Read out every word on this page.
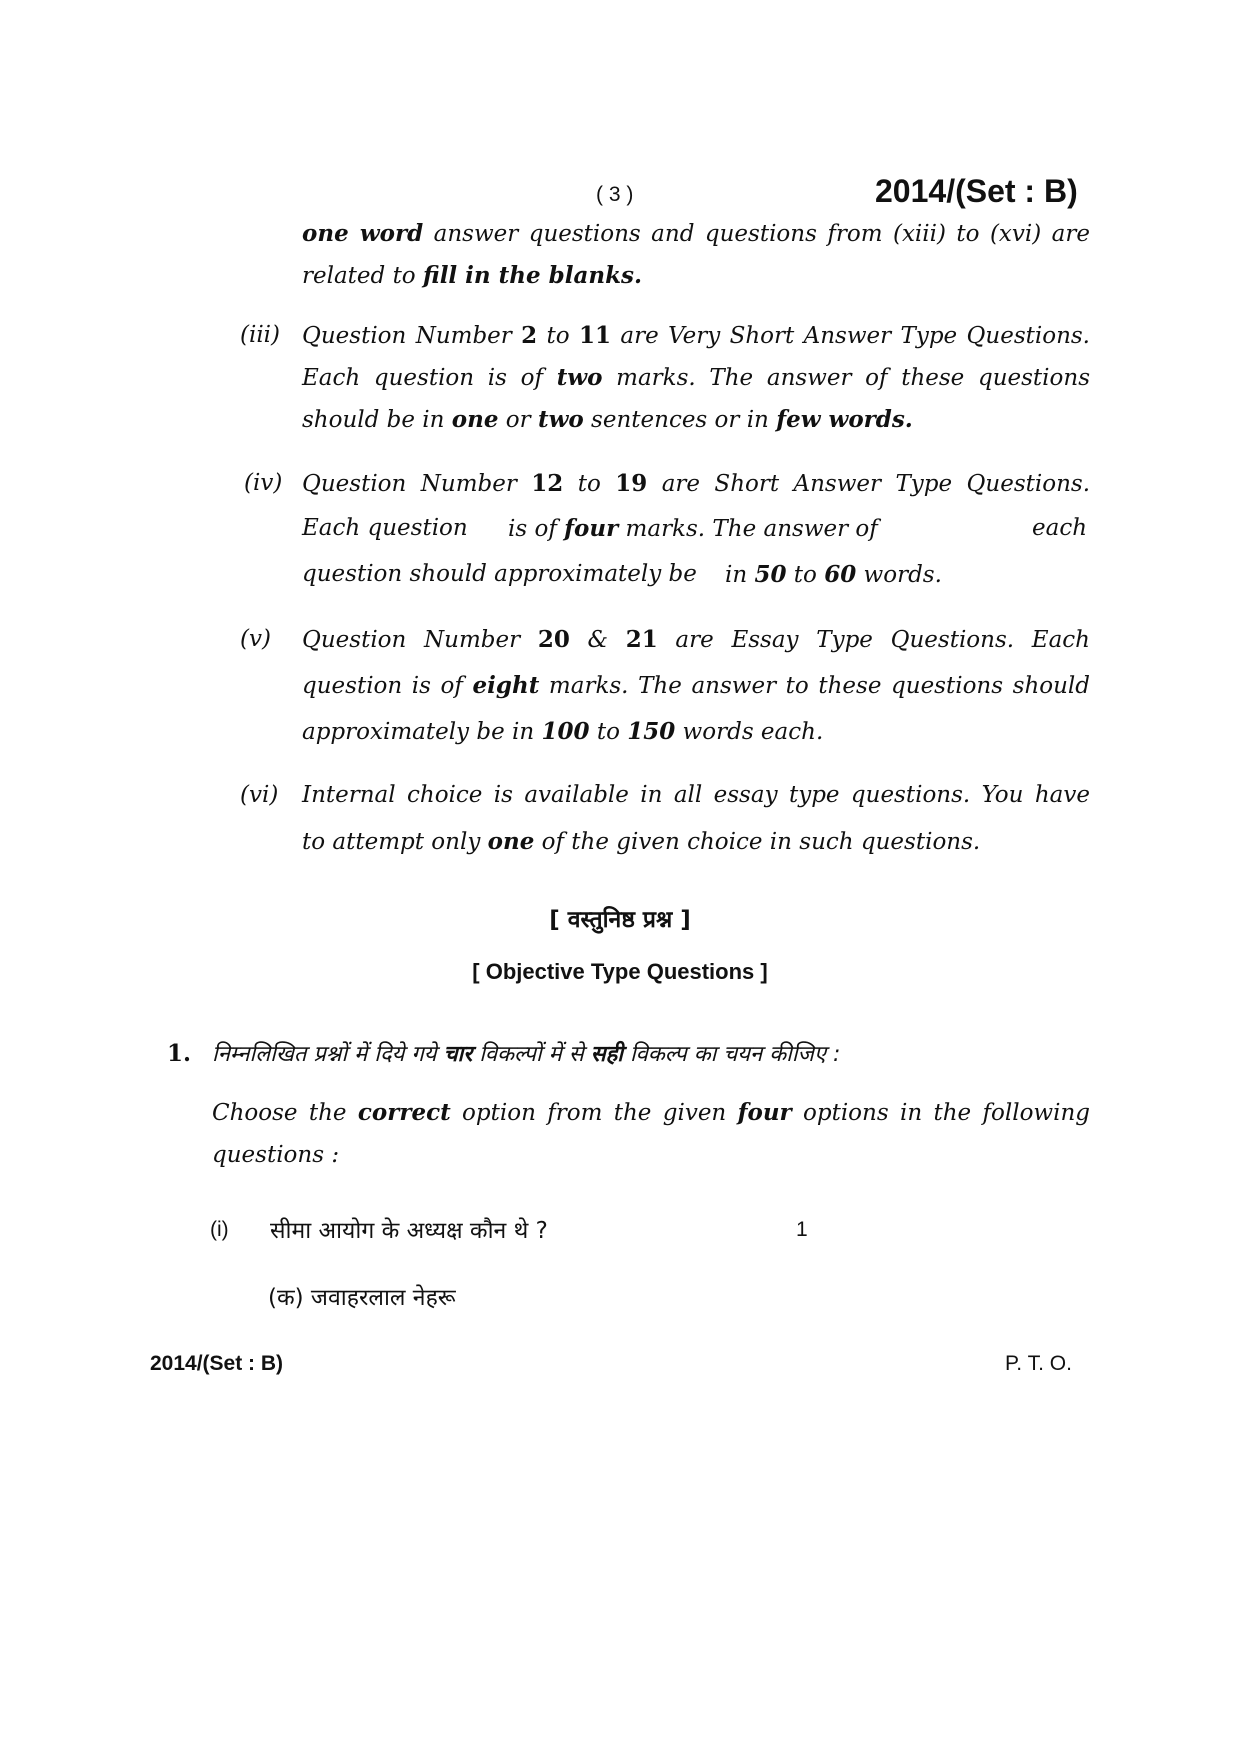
( 3 )	2014/(Set : B)
one word answer questions and questions from (xiii) to (xvi) are
related to fill in the blanks.
(iii) Question Number 2 to 11 are Very Short Answer Type Questions.
Each question is of two marks. The answer of these questions
should be in one or two sentences or in few words.
(iv) Question Number 12 to 19 are Short Answer Type Questions.
Each question is of four marks. The answer of	each
question should approximately be in 50 to 60 words.
(v) Question Number 20 & 21 are Essay Type Questions. Each
question is of eight marks. The answer to these questions should
approximately be in 100 to 150 words each.
(vi) Internal choice is available in all essay type questions. You have
to attempt only one of the given choice in such questions.
[ वस्तुनिष्ठ प्रश्न ]
[ Objective Type Questions ]
1. निम्नलिखित प्रश्नों में दिये गये चार विकल्पों में से सही विकल्प का चयन कीजिए :
Choose the correct option from the given four options in the following
questions :
(i) सीमा आयोग के अध्यक्ष कौन थे ?	1
(क) जवाहरलाल नेहरू
2014/(Set : B)	P. T. O.
